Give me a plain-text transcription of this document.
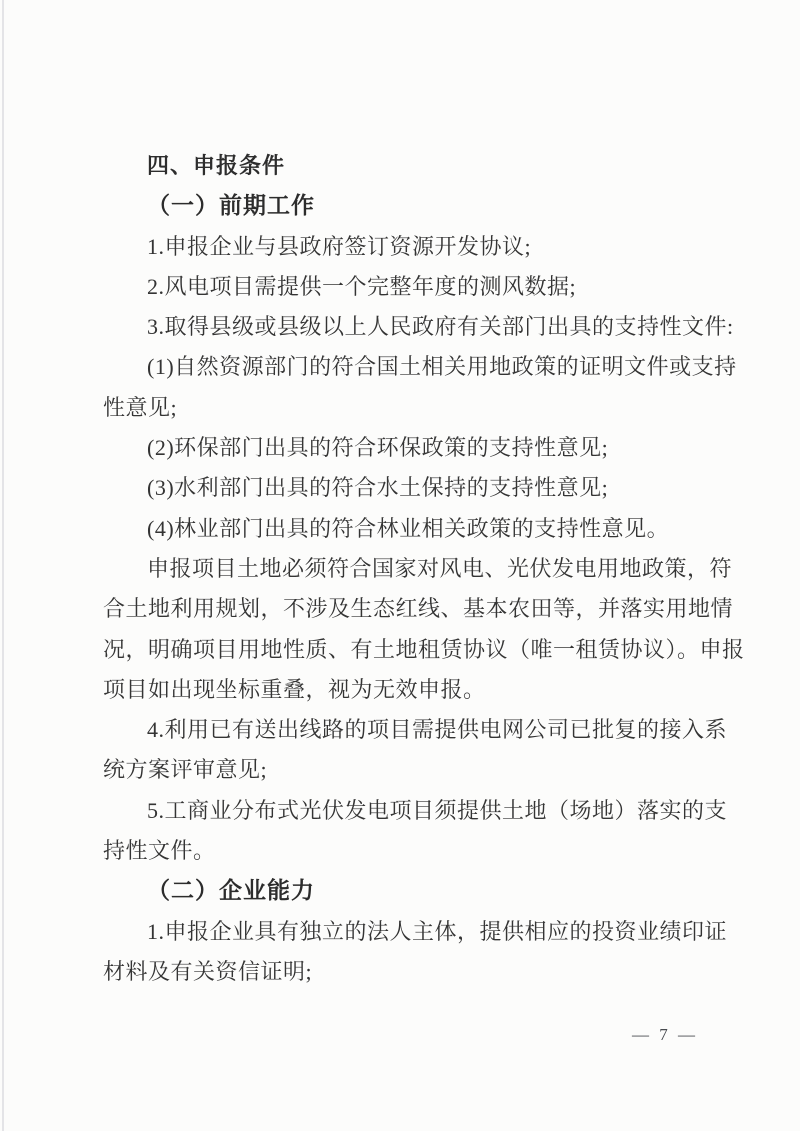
四、申报条件
（一）前期工作
1.申报企业与县政府签订资源开发协议;
2.风电项目需提供一个完整年度的测风数据;
3.取得县级或县级以上人民政府有关部门出具的支持性文件:
(1)自然资源部门的符合国土相关用地政策的证明文件或支持
性意见;
(2)环保部门出具的符合环保政策的支持性意见;
(3)水利部门出具的符合水土保持的支持性意见;
(4)林业部门出具的符合林业相关政策的支持性意见。
申报项目土地必须符合国家对风电、光伏发电用地政策，符
合土地利用规划，不涉及生态红线、基本农田等，并落实用地情
况，明确项目用地性质、有土地租赁协议（唯一租赁协议）。申报
项目如出现坐标重叠，视为无效申报。
4.利用已有送出线路的项目需提供电网公司已批复的接入系
统方案评审意见;
5.工商业分布式光伏发电项目须提供土地（场地）落实的支
持性文件。
（二）企业能力
1.申报企业具有独立的法人主体，提供相应的投资业绩印证
材料及有关资信证明;
— 7 —
